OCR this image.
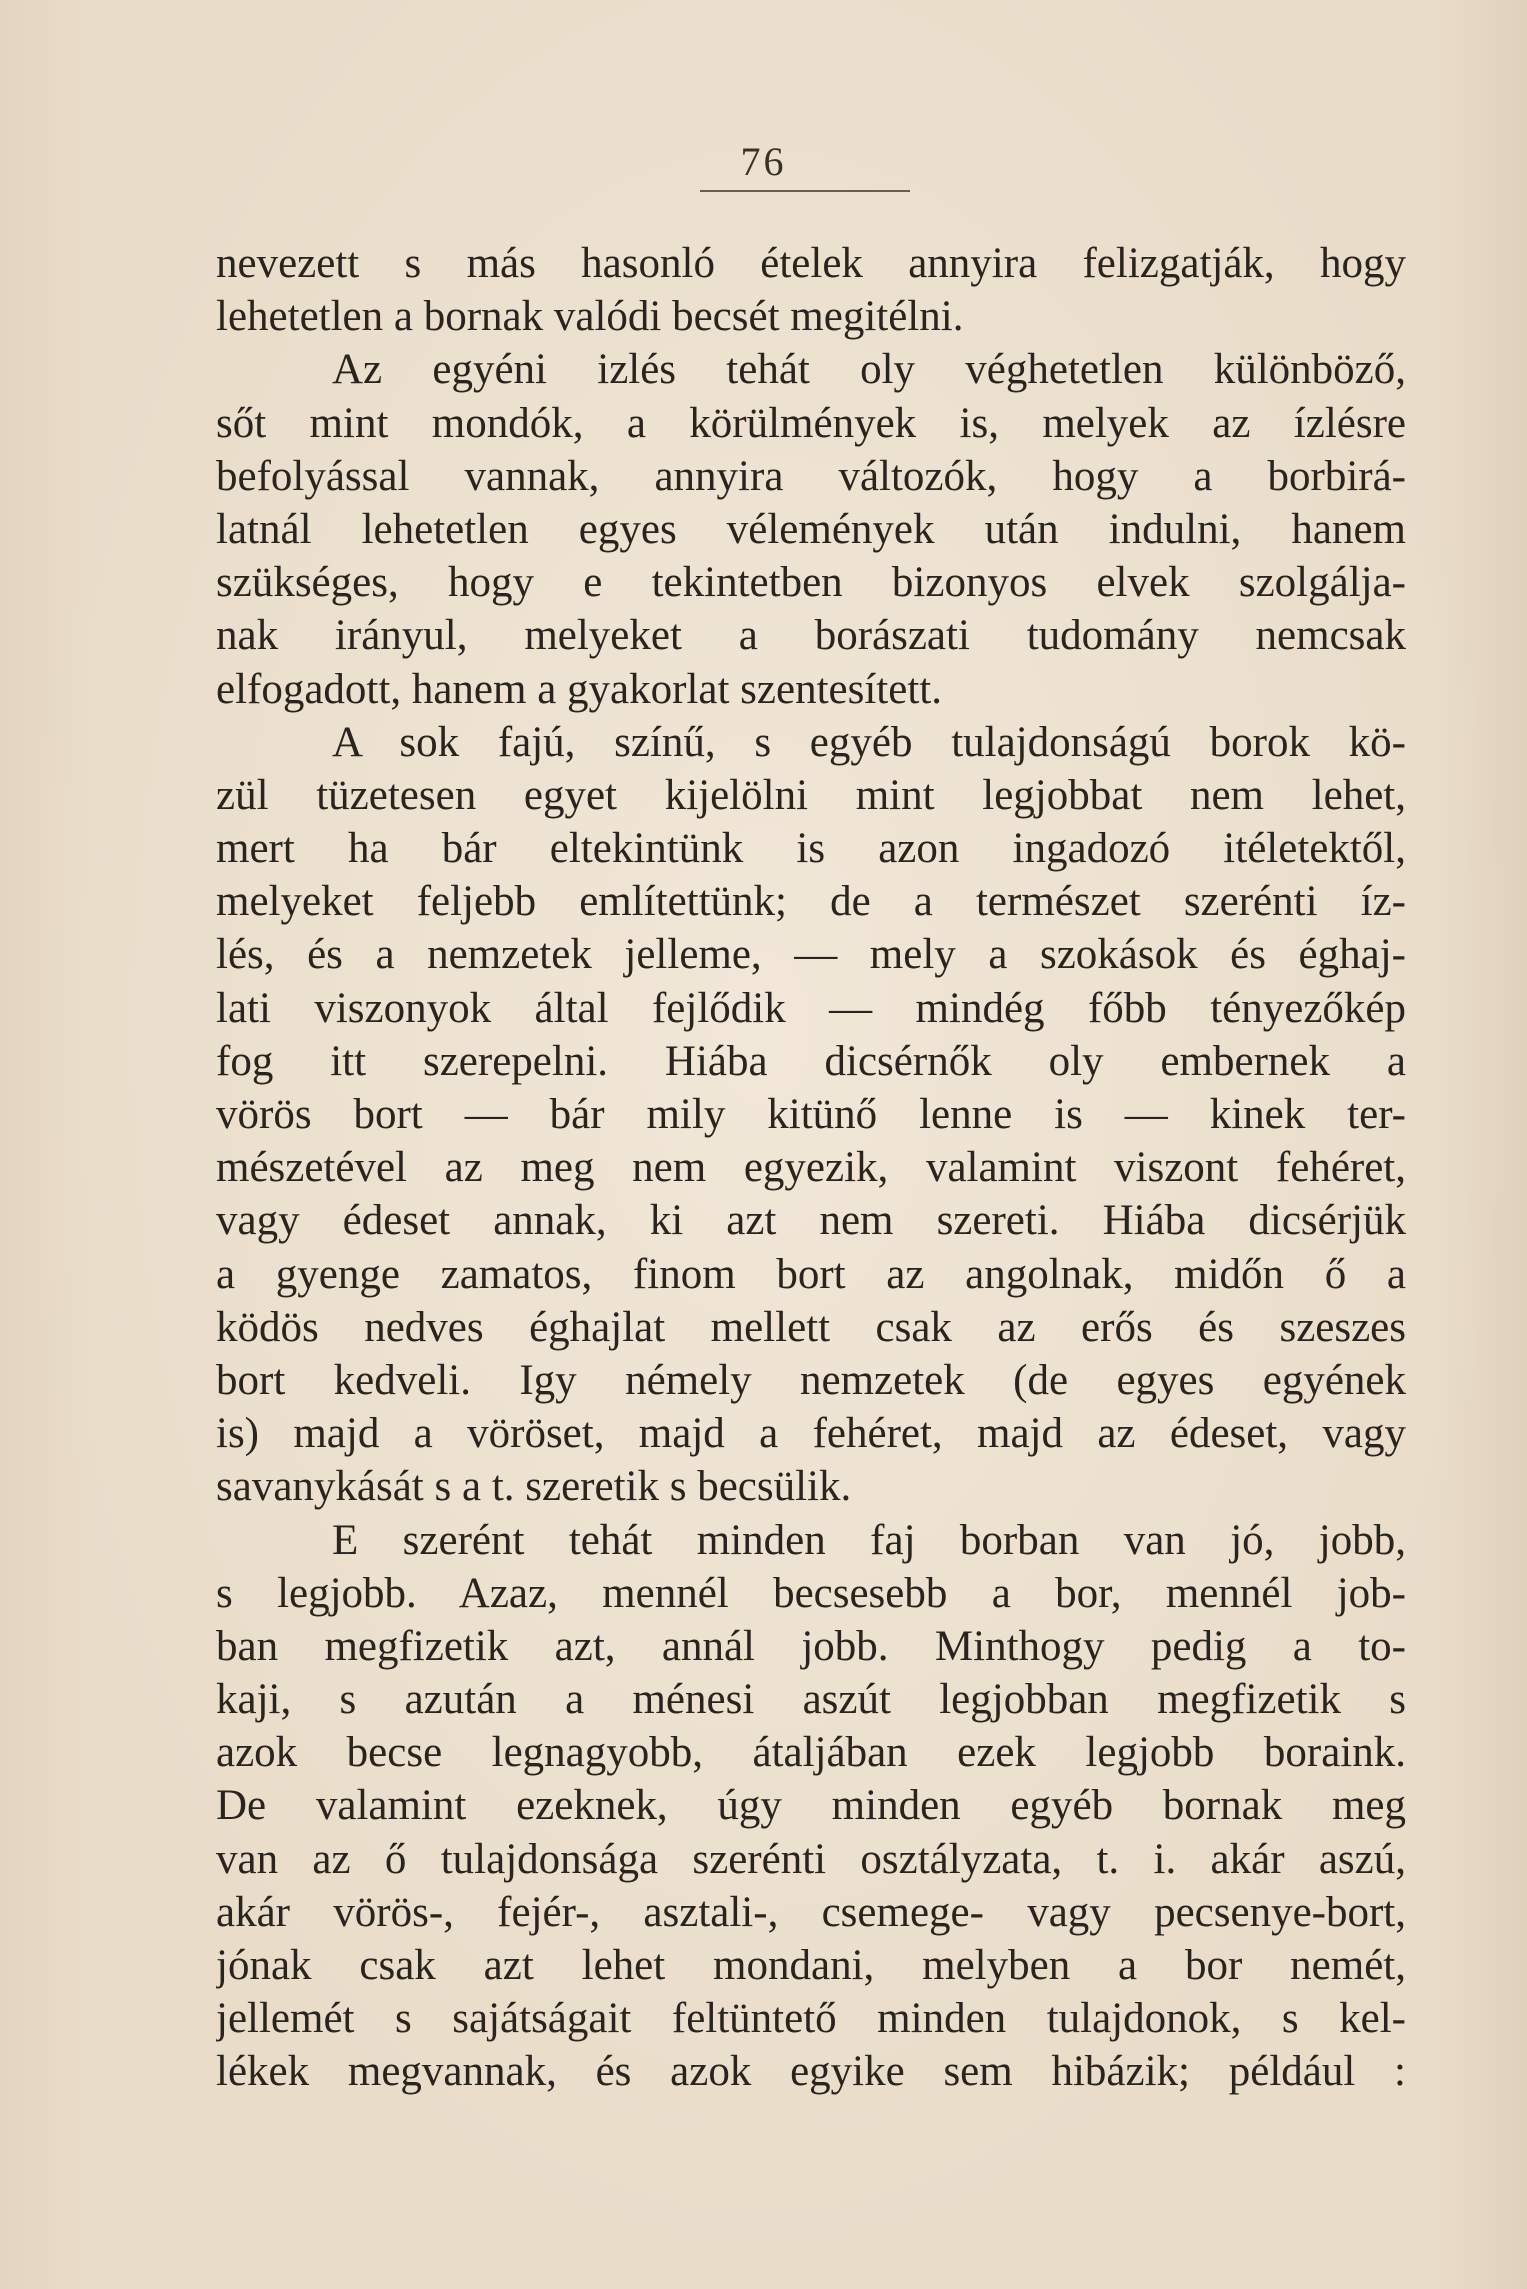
76
nevezett s más hasonló ételek annyira felizgatják, hogy
lehetetlen a bornak valódi becsét megitélni.
Az egyéni izlés tehát oly véghetetlen különböző,
sőt mint mondók, a körülmények is, melyek az ízlésre
befolyással vannak, annyira változók, hogy a borbirá-
latnál lehetetlen egyes vélemények után indulni, hanem
szükséges, hogy e tekintetben bizonyos elvek szolgálja-
nak irányul, melyeket a borászati tudomány nemcsak
elfogadott, hanem a gyakorlat szentesített.
A sok fajú, színű, s egyéb tulajdonságú borok kö-
zül tüzetesen egyet kijelölni mint legjobbat nem lehet,
mert ha bár eltekintünk is azon ingadozó itéletektől,
melyeket feljebb említettünk; de a természet szerénti íz-
lés, és a nemzetek jelleme, — mely a szokások és éghaj-
lati viszonyok által fejlődik — mindég főbb tényezőkép
fog itt szerepelni. Hiába dicsérnők oly embernek a
vörös bort — bár mily kitünő lenne is — kinek ter-
mészetével az meg nem egyezik, valamint viszont fehéret,
vagy édeset annak, ki azt nem szereti. Hiába dicsérjük
a gyenge zamatos, finom bort az angolnak, midőn ő a
ködös nedves éghajlat mellett csak az erős és szeszes
bort kedveli. Igy némely nemzetek (de egyes egyének
is) majd a vöröset, majd a fehéret, majd az édeset, vagy
savanykását s a t. szeretik s becsülik.
E szerént tehát minden faj borban van jó, jobb,
s legjobb. Azaz, mennél becsesebb a bor, mennél job-
ban megfizetik azt, annál jobb. Minthogy pedig a to-
kaji, s azután a ménesi aszút legjobban megfizetik s
azok becse legnagyobb, átaljában ezek legjobb boraink.
De valamint ezeknek, úgy minden egyéb bornak meg
van az ő tulajdonsága szerénti osztályzata, t. i. akár aszú,
akár vörös-, fejér-, asztali-, csemege- vagy pecsenye-bort,
jónak csak azt lehet mondani, melyben a bor nemét,
jellemét s sajátságait feltüntető minden tulajdonok, s kel-
lékek megvannak, és azok egyike sem hibázik; például :
